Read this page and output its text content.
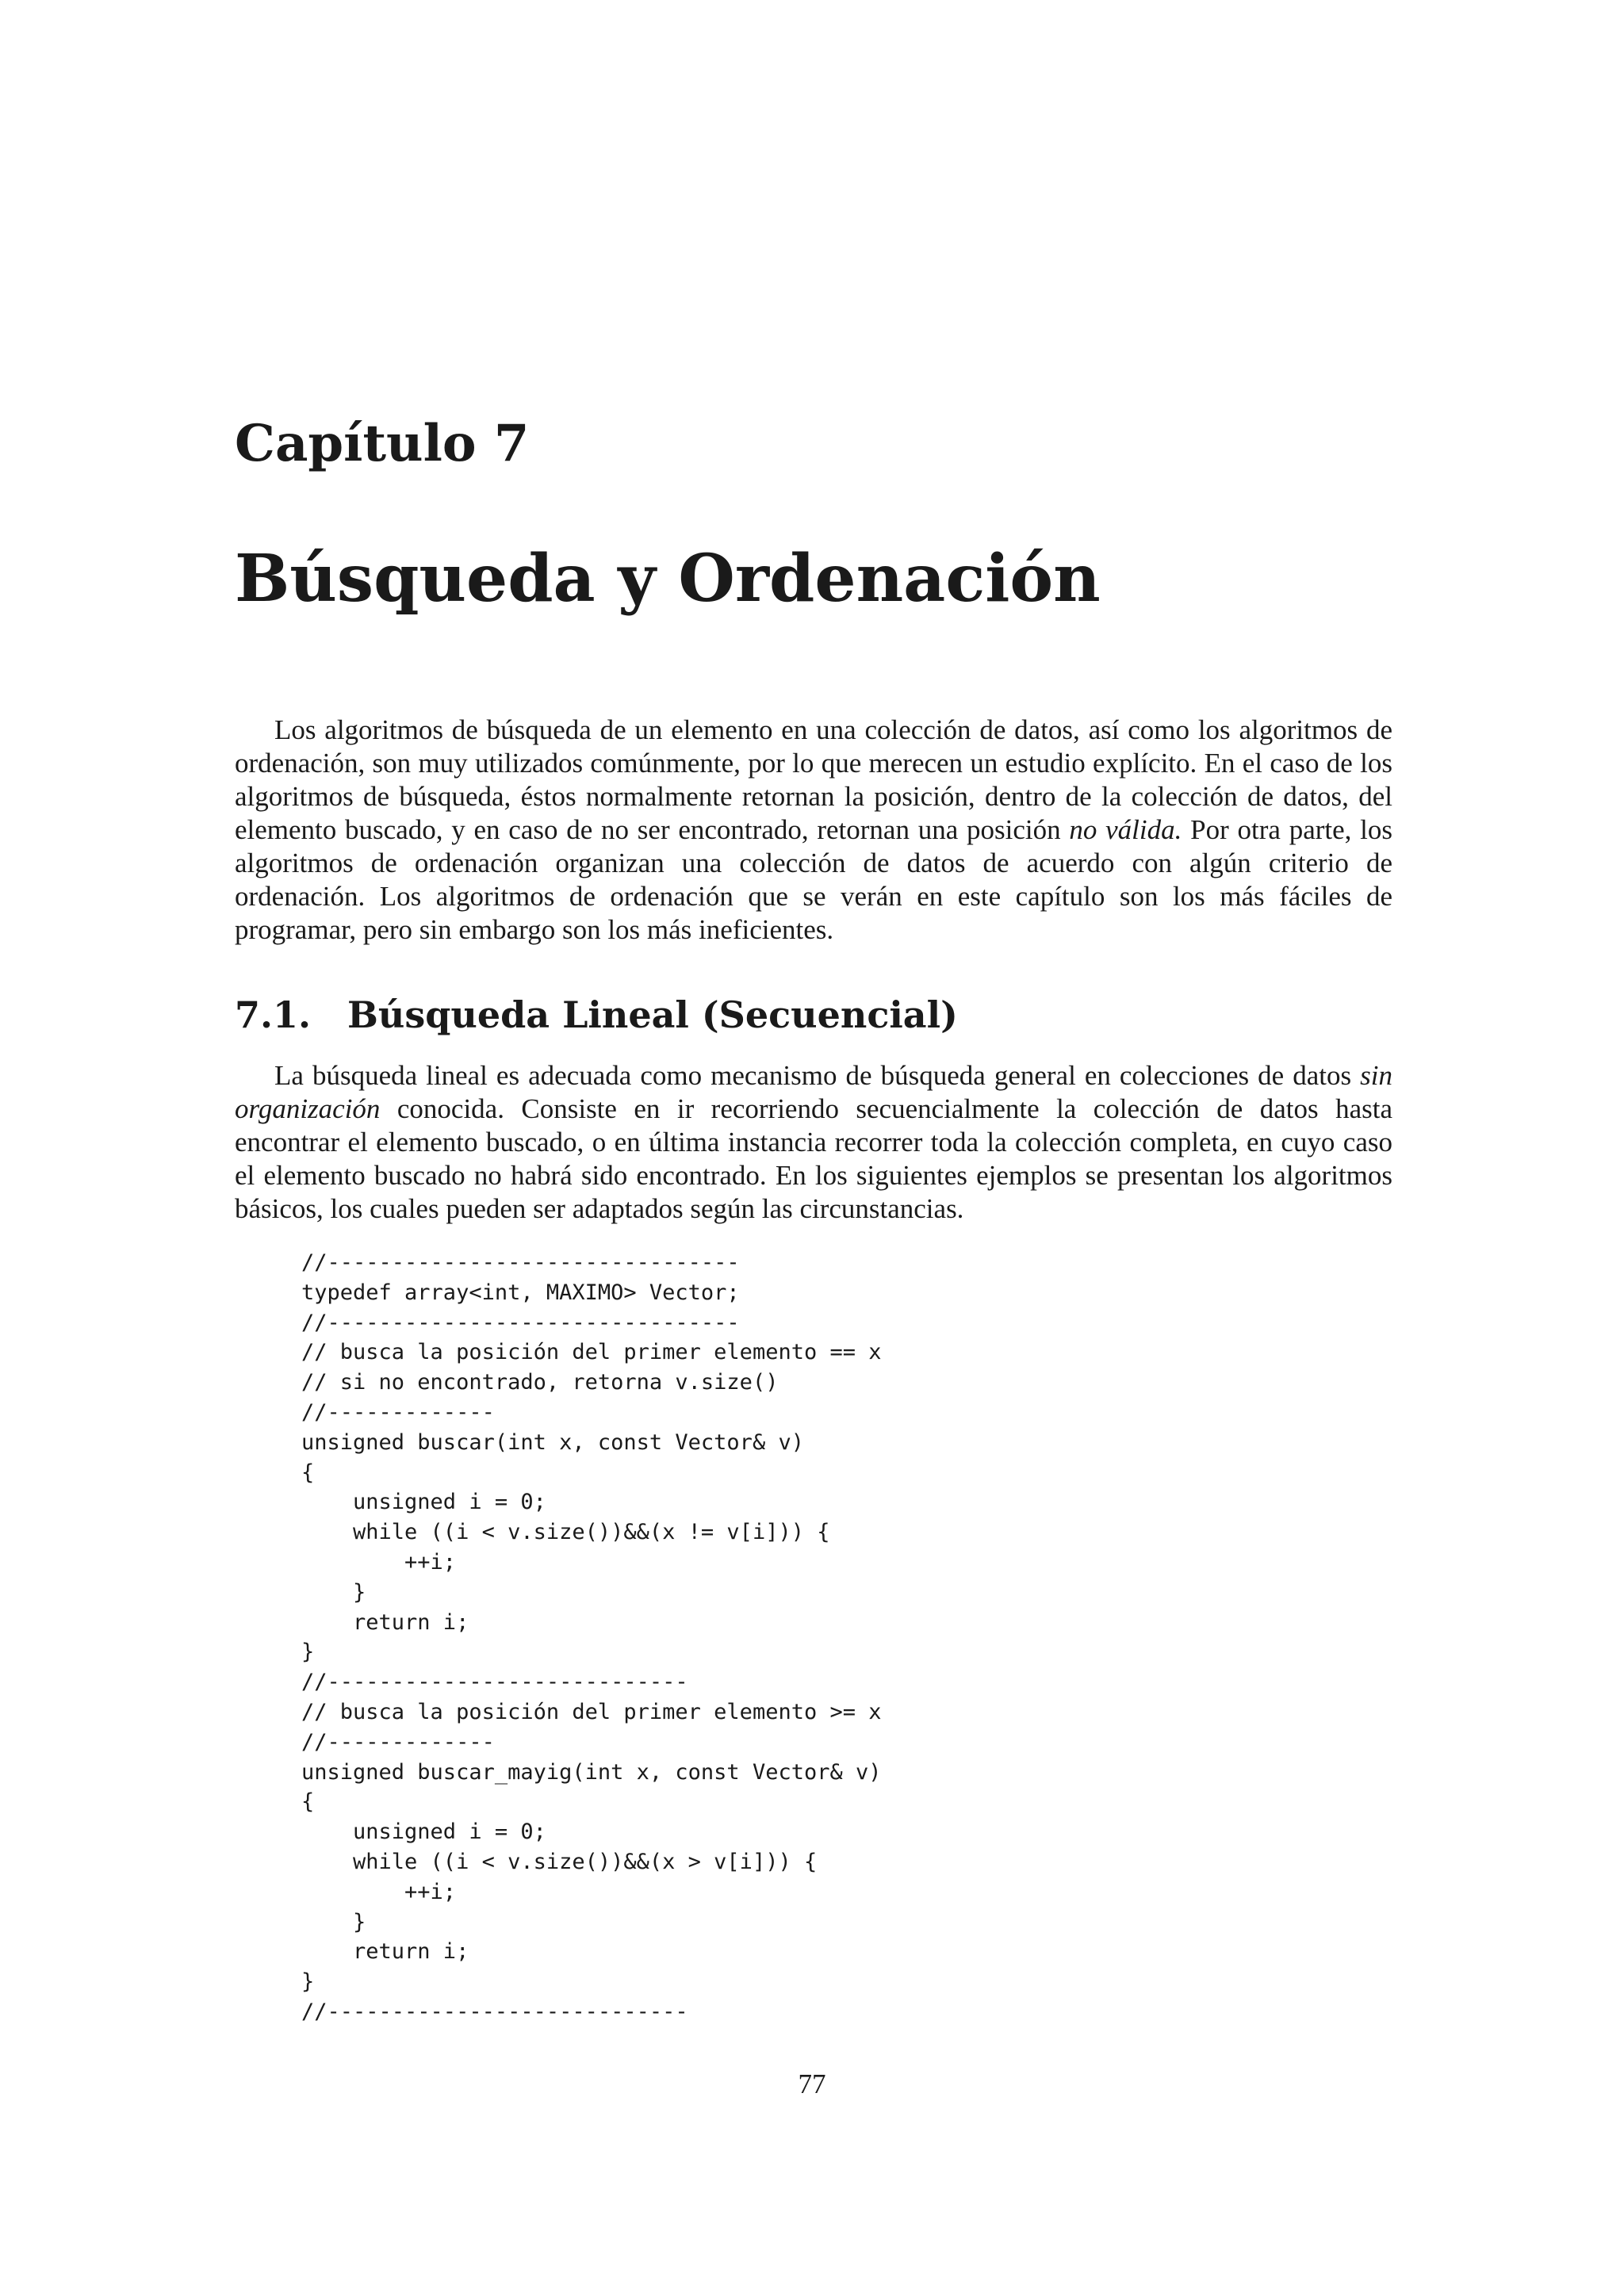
Capítulo 7
Búsqueda y Ordenación

Los algoritmos de búsqueda de un elemento en una colección de datos, así como los algoritmos de ordenación, son muy utilizados comúnmente, por lo que merecen un estudio explícito. En el caso de los algoritmos de búsqueda, éstos normalmente retornan la posición, dentro de la colección de datos, del elemento buscado, y en caso de no ser encontrado, retornan una posición no válida. Por otra parte, los algoritmos de ordenación organizan una colección de datos de acuerdo con algún criterio de ordenación. Los algoritmos de ordenación que se verán en este capítulo son los más fáciles de programar, pero sin embargo son los más ineficientes.

7.1. Búsqueda Lineal (Secuencial)

La búsqueda lineal es adecuada como mecanismo de búsqueda general en colecciones de datos sin organización conocida. Consiste en ir recorriendo secuencialmente la colección de datos hasta encontrar el elemento buscado, o en última instancia recorrer toda la colección completa, en cuyo caso el elemento buscado no habrá sido encontrado. En los siguientes ejemplos se presentan los algoritmos básicos, los cuales pueden ser adaptados según las circunstancias.

//--------------------------------
typedef array<int, MAXIMO> Vector;
//--------------------------------
// busca la posición del primer elemento == x
// si no encontrado, retorna v.size()
//-------------
unsigned buscar(int x, const Vector& v)
{
unsigned i = 0;
while ((i < v.size())&&(x != v[i])) {
++i;
}
return i;
}
//----------------------------
// busca la posición del primer elemento >= x
//-------------
unsigned buscar_mayig(int x, const Vector& v)
{
unsigned i = 0;
while ((i < v.size())&&(x > v[i])) {
++i;
}
return i;
}
//----------------------------
77
